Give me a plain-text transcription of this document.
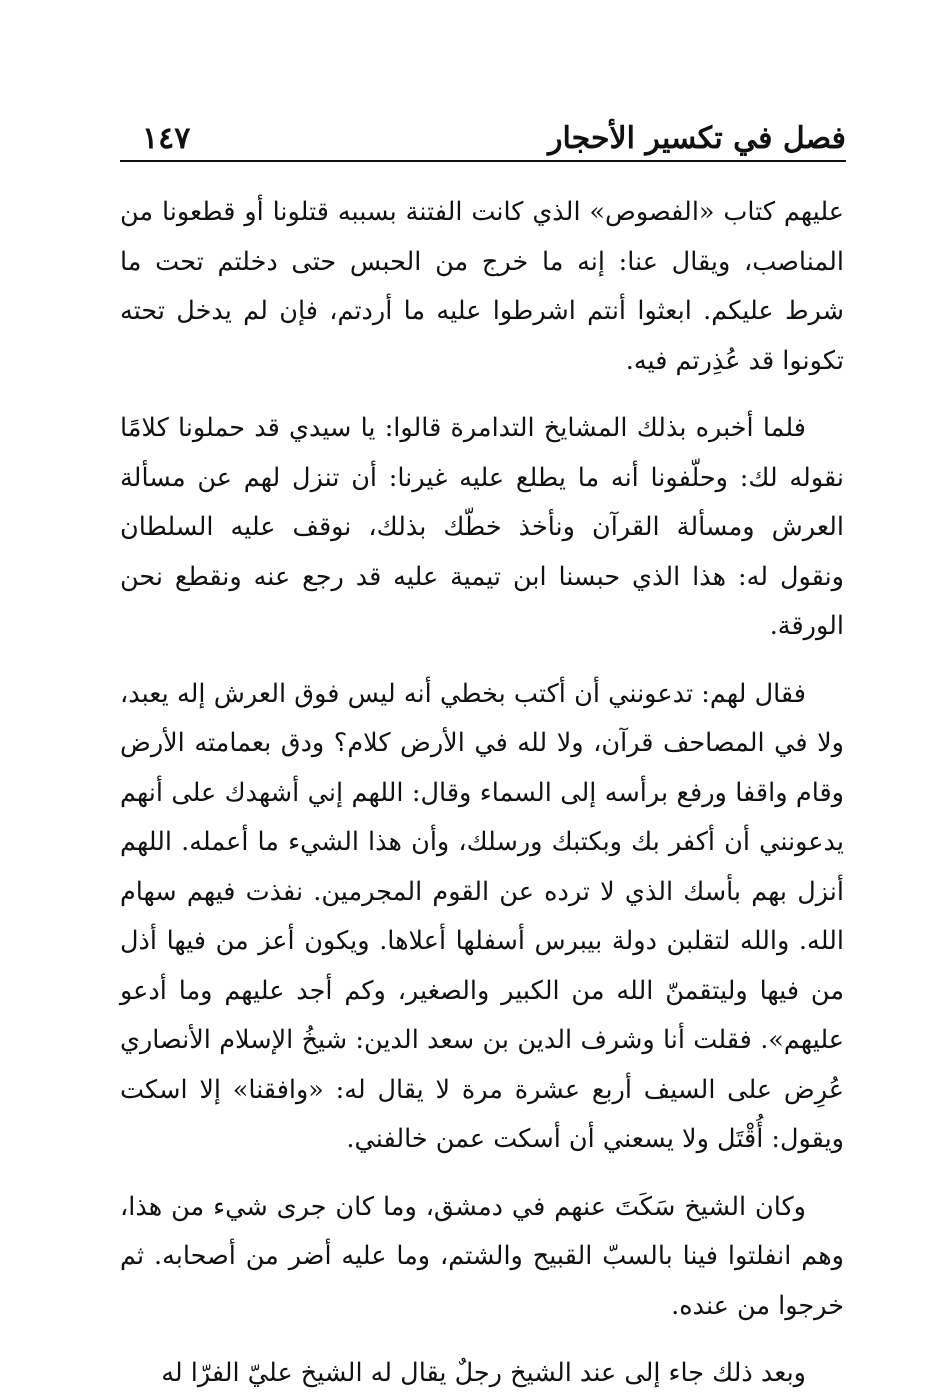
فصل في تكسير الأحجار
١٤٧

عليهم كتاب «الفصوص» الذي كانت الفتنة بسببه قتلونا أو قطعونا من المناصب، ويقال عنا: إنه ما خرج من الحبس حتى دخلتم تحت ما شرط عليكم. ابعثوا أنتم اشرطوا عليه ما أردتم، فإن لم يدخل تحته تكونوا قد عُذِرتم فيه.

فلما أخبره بذلك المشايخ التدامرة قالوا: يا سيدي قد حملونا كلامًا نقوله لك: وحلّفونا أنه ما يطلع عليه غيرنا: أن تنزل لهم عن مسألة العرش ومسألة القرآن ونأخذ خطّك بذلك، نوقف عليه السلطان ونقول له: هذا الذي حبسنا ابن تيمية عليه قد رجع عنه ونقطع نحن الورقة.

فقال لهم: تدعونني أن أكتب بخطي أنه ليس فوق العرش إله يعبد، ولا في المصاحف قرآن، ولا لله في الأرض كلام؟ ودق بعمامته الأرض وقام واقفا ورفع برأسه إلى السماء وقال: اللهم إني أشهدك على أنهم يدعونني أن أكفر بك وبكتبك ورسلك، وأن هذا الشيء ما أعمله. اللهم أنزل بهم بأسك الذي لا ترده عن القوم المجرمين. نفذت فيهم سهام الله. والله لتقلبن دولة بيبرس أسفلها أعلاها. ويكون أعز من فيها أذل من فيها وليتقمنّ الله من الكبير والصغير، وكم أجد عليهم وما أدعو عليهم». فقلت أنا وشرف الدين بن سعد الدين: شيخُ الإسلام الأنصاري عُرِض على السيف أربع عشرة مرة لا يقال له: «وافقنا» إلا اسكت ويقول: أُقْتَل ولا يسعني أن أسكت عمن خالفني.

وكان الشيخ سَكَتَ عنهم في دمشق، وما كان جرى شيء من هذا، وهم انفلتوا فينا بالسبّ القبيح والشتم، وما عليه أضر من أصحابه. ثم خرجوا من عنده.

وبعد ذلك جاء إلى عند الشيخ رجلٌ يقال له الشيخ عليّ الفرّا له
